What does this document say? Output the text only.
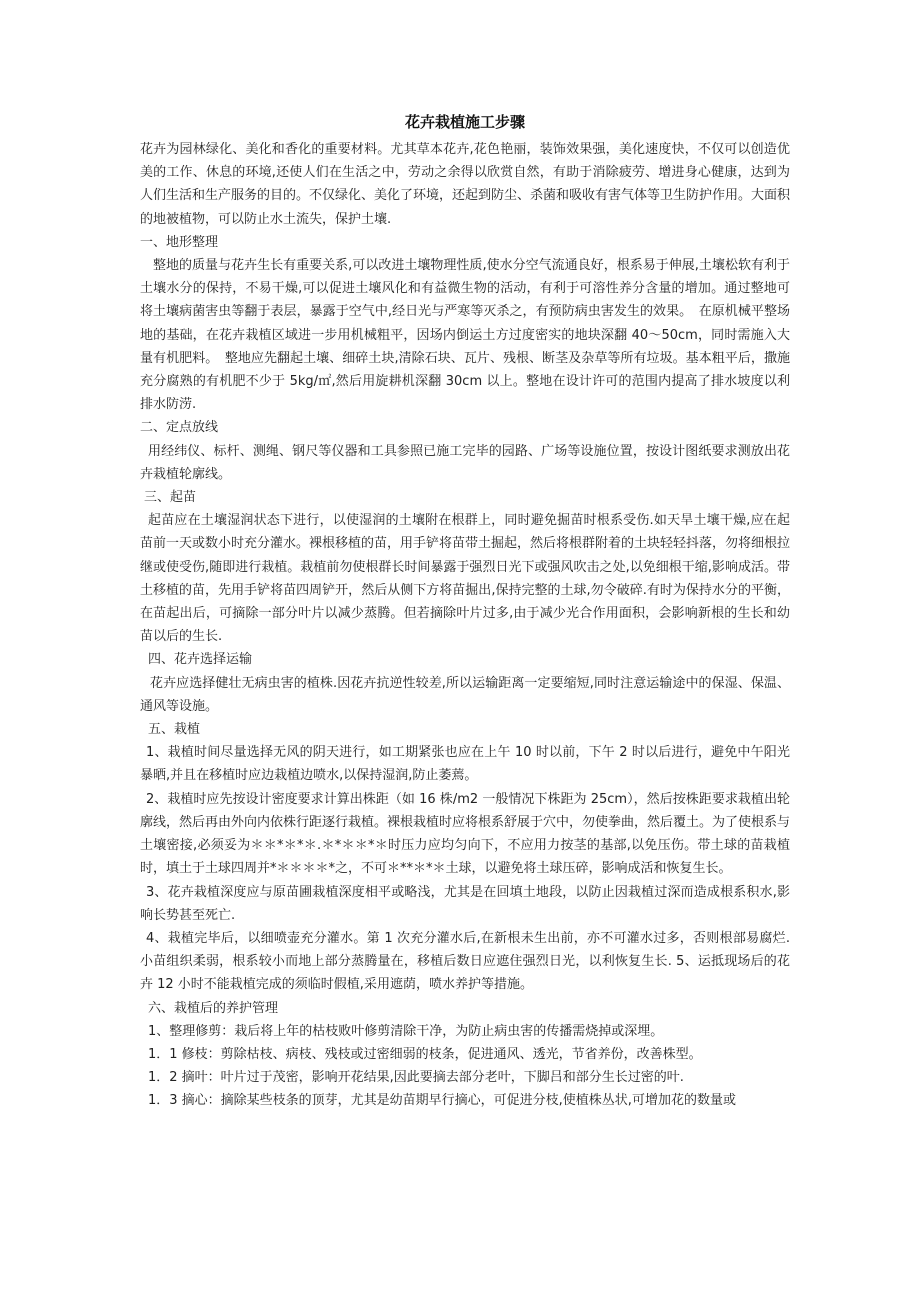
花卉栽植施工步骤

花卉为园林绿化、美化和香化的重要材料。尤其草本花卉,花色艳丽，装饰效果强，美化速度快，不仅可以创造优美的工作、休息的环境,还使人们在生活之中，劳动之余得以欣赏自然，有助于消除疲劳、增进身心健康，达到为人们生活和生产服务的目的。不仅绿化、美化了环境，还起到防尘、杀菌和吸收有害气体等卫生防护作用。大面积的地被植物，可以防止水土流失，保护土壤.

一、地形整理

　整地的质量与花卉生长有重要关系,可以改进土壤物理性质,使水分空气流通良好，根系易于伸展,土壤松软有利于土壤水分的保持，不易干燥,可以促进土壤风化和有益微生物的活动，有利于可溶性养分含量的增加。通过整地可将土壤病菌害虫等翻于表层，暴露于空气中,经日光与严寒等灭杀之，有预防病虫害发生的效果。　在原机械平整场地的基础，在花卉栽植区域进一步用机械粗平，因场内倒运土方过度密实的地块深翻 40～50cm，同时需施入大量有机肥料。　整地应先翻起土壤、细碎土块,清除石块、瓦片、残根、断茎及杂草等所有垃圾。基本粗平后，撒施充分腐熟的有机肥不少于 5kg/㎡,然后用旋耕机深翻 30cm 以上。整地在设计许可的范围内提高了排水坡度以利排水防涝.

二、定点放线

用经纬仪、标杆、测绳、钢尺等仪器和工具参照已施工完毕的园路、广场等设施位置，按设计图纸要求测放出花卉栽植轮廓线。

三、起苗

起苗应在土壤湿润状态下进行，以使湿润的土壤附在根群上，同时避免掘苗时根系受伤.如天旱土壤干燥,应在起苗前一天或数小时充分灌水。裸根移植的苗，用手铲将苗带土掘起，然后将根群附着的土块轻轻抖落，勿将细根拉继或使受伤,随即进行栽植。栽植前勿使根群长时间暴露于强烈日光下或强风吹击之处,以免细根干缩,影响成活。带土移植的苗，先用手铲将苗四周铲开，然后从侧下方将苗掘出,保持完整的土球,勿令破碎.有时为保持水分的平衡，在苗起出后，可摘除一部分叶片以减少蒸腾。但若摘除叶片过多,由于减少光合作用面积，会影响新根的生长和幼苗以后的生长.

四、花卉选择运输

花卉应选择健壮无病虫害的植株.因花卉抗逆性较差,所以运输距离一定要缩短,同时注意运输途中的保湿、保温、通风等设施。

五、栽植

1、栽植时间尽量选择无风的阴天进行，如工期紧张也应在上午 10 时以前，下午 2 时以后进行，避免中午阳光暴晒,并且在移植时应边栽植边喷水,以保持湿润,防止萎蔫。

2、栽植时应先按设计密度要求计算出株距（如 16 株/m2 一般情况下株距为 25cm），然后按株距要求栽植出轮廓线，然后再由外向内依株行距逐行栽植。裸根栽植时应将根系舒展于穴中，勿使拳曲，然后覆土。为了使根系与土壤密接,必须妥为＊＊*＊*＊.＊*＊＊*＊时压力应均匀向下，不应用力按茎的基部,以免压伤。带土球的苗栽植时，填土于土球四周并*＊＊＊＊*之，不可＊**＊*＊土球，以避免将土球压碎，影响成活和恢复生长。

3、花卉栽植深度应与原苗圃栽植深度相平或略浅，尤其是在回填土地段，以防止因栽植过深而造成根系积水,影响长势甚至死亡.

4、栽植完毕后，以细喷壶充分灌水。第 1 次充分灌水后,在新根未生出前，亦不可灌水过多，否则根部易腐烂.小苗组织柔弱，根系较小而地上部分蒸腾量在，移植后数日应遮住强烈日光，以利恢复生长. 5、运抵现场后的花卉 12 小时不能栽植完成的须临时假植,采用遮荫，喷水养护等措施。

六、栽植后的养护管理

1、整理修剪：栽后将上年的枯枝败叶修剪清除干净，为防止病虫害的传播需烧掉或深埋。

1．1 修枝：剪除枯枝、病枝、残枝或过密细弱的枝条，促进通风、透光，节省养份，改善株型。

1．2 摘叶：叶片过于茂密，影响开花结果,因此要摘去部分老叶，下脚吕和部分生长过密的叶.

1．3 摘心：摘除某些枝条的顶芽，尤其是幼苗期早行摘心，可促进分枝,使植株丛状,可增加花的数量或
